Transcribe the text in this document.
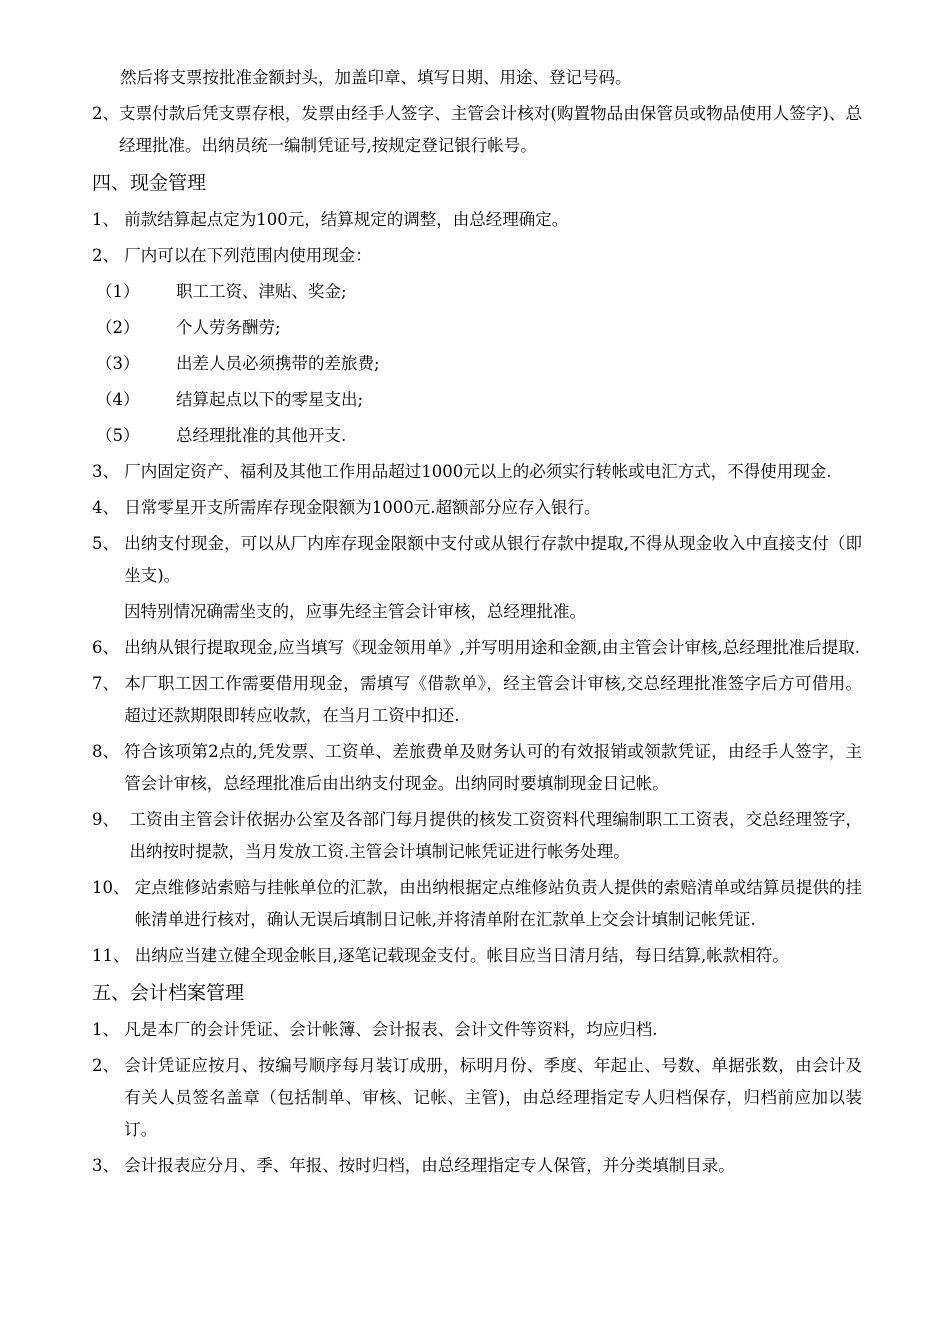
然后将支票按批准金额封头，加盖印章、填写日期、用途、登记号码。

2、 支票付款后凭支票存根，发票由经手人签字、主管会计核对(购置物品由保管员或物品使用人签字)、总经理批准。出纳员统一编制凭证号,按规定登记银行帐号。
四、现金管理
1、 前款结算起点定为100元，结算规定的调整，由总经理确定。
2、 厂内可以在下列范围内使用现金：
（1）	职工工资、津贴、奖金;
（2）	个人劳务酬劳;
（3）	出差人员必须携带的差旅费;
（4）	结算起点以下的零星支出;
（5）	总经理批准的其他开支.
3、 厂内固定资产、福利及其他工作用品超过1000元以上的必须实行转帐或电汇方式，不得使用现金.
4、 日常零星开支所需库存现金限额为1000元.超额部分应存入银行。
5、 出纳支付现金，可以从厂内库存现金限额中支付或从银行存款中提取,不得从现金收入中直接支付（即坐支)。

因特别情况确需坐支的，应事先经主管会计审核，总经理批准。

6、 出纳从银行提取现金,应当填写《现金领用单》,并写明用途和金额,由主管会计审核,总经理批准后提取.
7、 本厂职工因工作需要借用现金，需填写《借款单》，经主管会计审核,交总经理批准签字后方可借用。超过还款期限即转应收款，在当月工资中扣还.
8、 符合该项第2点的,凭发票、工资单、差旅费单及财务认可的有效报销或领款凭证，由经手人签字，主管会计审核，总经理批准后由出纳支付现金。出纳同时要填制现金日记帐。
9、 工资由主管会计依据办公室及各部门每月提供的核发工资资料代理编制职工工资表，交总经理签字，出纳按时提款，当月发放工资.主管会计填制记帐凭证进行帐务处理。
10、 定点维修站索赔与挂帐单位的汇款，由出纳根据定点维修站负责人提供的索赔清单或结算员提供的挂帐清单进行核对，确认无误后填制日记帐,并将清单附在汇款单上交会计填制记帐凭证.
11、 出纳应当建立健全现金帐目,逐笔记载现金支付。帐目应当日清月结，每日结算,帐款相符。
五、会计档案管理
1、 凡是本厂的会计凭证、会计帐簿、会计报表、会计文件等资料，均应归档.
2、 会计凭证应按月、按编号顺序每月装订成册，标明月份、季度、年起止、号数、单据张数，由会计及有关人员签名盖章（包括制单、审核、记帐、主管)，由总经理指定专人归档保存，归档前应加以装订。
3、 会计报表应分月、季、年报、按时归档，由总经理指定专人保管，并分类填制目录。
